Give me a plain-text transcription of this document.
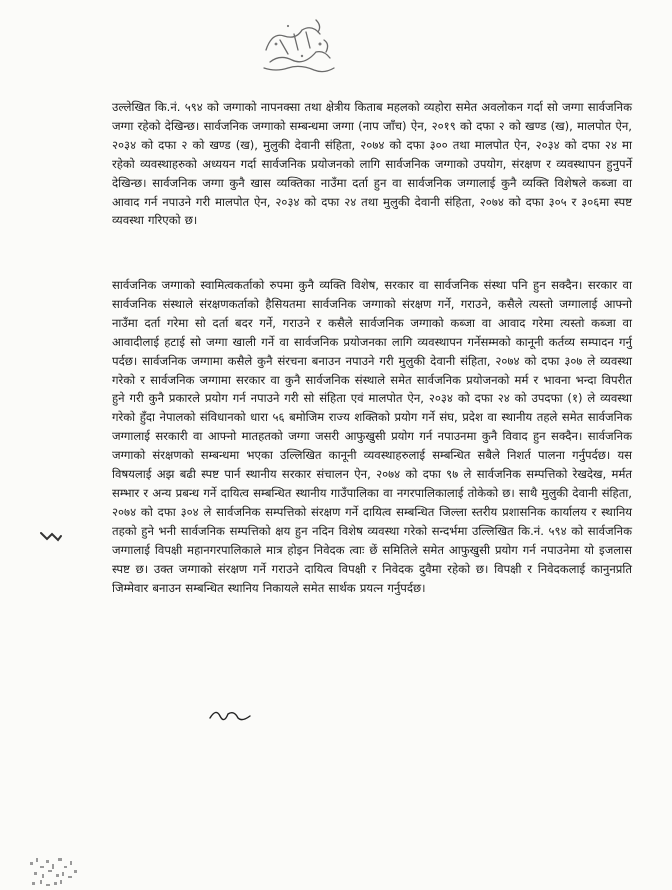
उल्लेखित कि.नं. ५९४ को जग्गाको नापनक्सा तथा क्षेत्रीय किताब महलको व्यहोरा समेत अवलोकन गर्दा सो जग्गा सार्वजनिक जग्गा रहेको देखिन्छ। सार्वजनिक जग्गाको सम्बन्धमा जग्गा (नाप जाँच) ऐन, २०१९ को दफा २ को खण्ड (ख), मालपोत ऐन, २०३४ को दफा २ को खण्ड (ख), मुलुकी देवानी संहिता, २०७४ को दफा ३०० तथा मालपोत ऐन, २०३४ को दफा २४ मा रहेको व्यवस्थाहरुको अध्ययन गर्दा सार्वजनिक प्रयोजनको लागि सार्वजनिक जग्गाको उपयोग, संरक्षण र व्यवस्थापन हुनुपर्ने देखिन्छ। सार्वजनिक जग्गा कुनै खास व्यक्तिका नाउँमा दर्ता हुन वा सार्वजनिक जग्गालाई कुनै व्यक्ति विशेषले कब्जा वा आवाद गर्न नपाउने गरी मालपोत ऐन, २०३४ को दफा २४ तथा मुलुकी देवानी संहिता, २०७४ को दफा ३०५ र ३०६मा स्पष्ट व्यवस्था गरिएको छ।
सार्वजनिक जग्गाको स्वामित्वकर्ताको रुपमा कुनै व्यक्ति विशेष, सरकार वा सार्वजनिक संस्था पनि हुन सक्दैन। सरकार वा सार्वजनिक संस्थाले संरक्षणकर्ताको हैसियतमा सार्वजनिक जग्गाको संरक्षण गर्ने, गराउने, कसैले त्यस्तो जग्गालाई आफ्नो नाउँमा दर्ता गरेमा सो दर्ता बदर गर्ने, गराउने र कसैले सार्वजनिक जग्गाको कब्जा वा आवाद गरेमा त्यस्तो कब्जा वा आवादीलाई हटाई सो जग्गा खाली गर्ने वा सार्वजनिक प्रयोजनका लागि व्यवस्थापन गर्नेसम्मको कानूनी कर्तव्य सम्पादन गर्नु पर्दछ। सार्वजनिक जग्गामा कसैले कुनै संरचना बनाउन नपाउने गरी मुलुकी देवानी संहिता, २०७४ को दफा ३०७ ले व्यवस्था गरेको र सार्वजनिक जग्गामा सरकार वा कुनै सार्वजनिक संस्थाले समेत सार्वजनिक प्रयोजनको मर्म र भावना भन्दा विपरीत हुने गरी कुनै प्रकारले प्रयोग गर्न नपाउने गरी सो संहिता एवं मालपोत ऐन, २०३४ को दफा २४ को उपदफा (१) ले व्यवस्था गरेको हुँदा नेपालको संविधानको धारा ५६ बमोजिम राज्य शक्तिको प्रयोग गर्ने संघ, प्रदेश वा स्थानीय तहले समेत सार्वजनिक जग्गालाई सरकारी वा आफ्नो मातहतको जग्गा जसरी आफुखुसी प्रयोग गर्न नपाउनमा कुनै विवाद हुन सक्दैन। सार्वजनिक जग्गाको संरक्षणको सम्बन्धमा भएका उल्लिखित कानूनी व्यवस्थाहरुलाई सम्बन्धित सबैले निशर्त पालना गर्नुपर्दछ। यस विषयलाई अझ बढी स्पष्ट पार्न स्थानीय सरकार संचालन ऐन, २०७४ को दफा ९७ ले सार्वजनिक सम्पत्तिको रेखदेख, मर्मत सम्भार र अन्य प्रबन्ध गर्ने दायित्व सम्बन्धित स्थानीय गाउँपालिका वा नगरपालिकालाई तोकेको छ। साथै मुलुकी देवानी संहिता, २०७४ को दफा ३०४ ले सार्वजनिक सम्पत्तिको संरक्षण गर्ने दायित्व सम्बन्धित जिल्ला स्तरीय प्रशासनिक कार्यालय र स्थानिय तहको हुने भनी सार्वजनिक सम्पत्तिको क्षय हुन नदिन विशेष व्यवस्था गरेको सन्दर्भमा उल्लिखित कि.नं. ५९४ को सार्वजनिक जग्गालाई विपक्षी महानगरपालिकाले मात्र होइन निवेदक त्वाः छें समितिले समेत आफुखुसी प्रयोग गर्न नपाउनेमा यो इजलास स्पष्ट छ। उक्त जग्गाको संरक्षण गर्ने गराउने दायित्व विपक्षी र निवेदक दुवैमा रहेको छ। विपक्षी र निवेदकलाई कानुनप्रति जिम्मेवार बनाउन सम्बन्धित स्थानिय निकायले समेत सार्थक प्रयत्न गर्नुपर्दछ।
